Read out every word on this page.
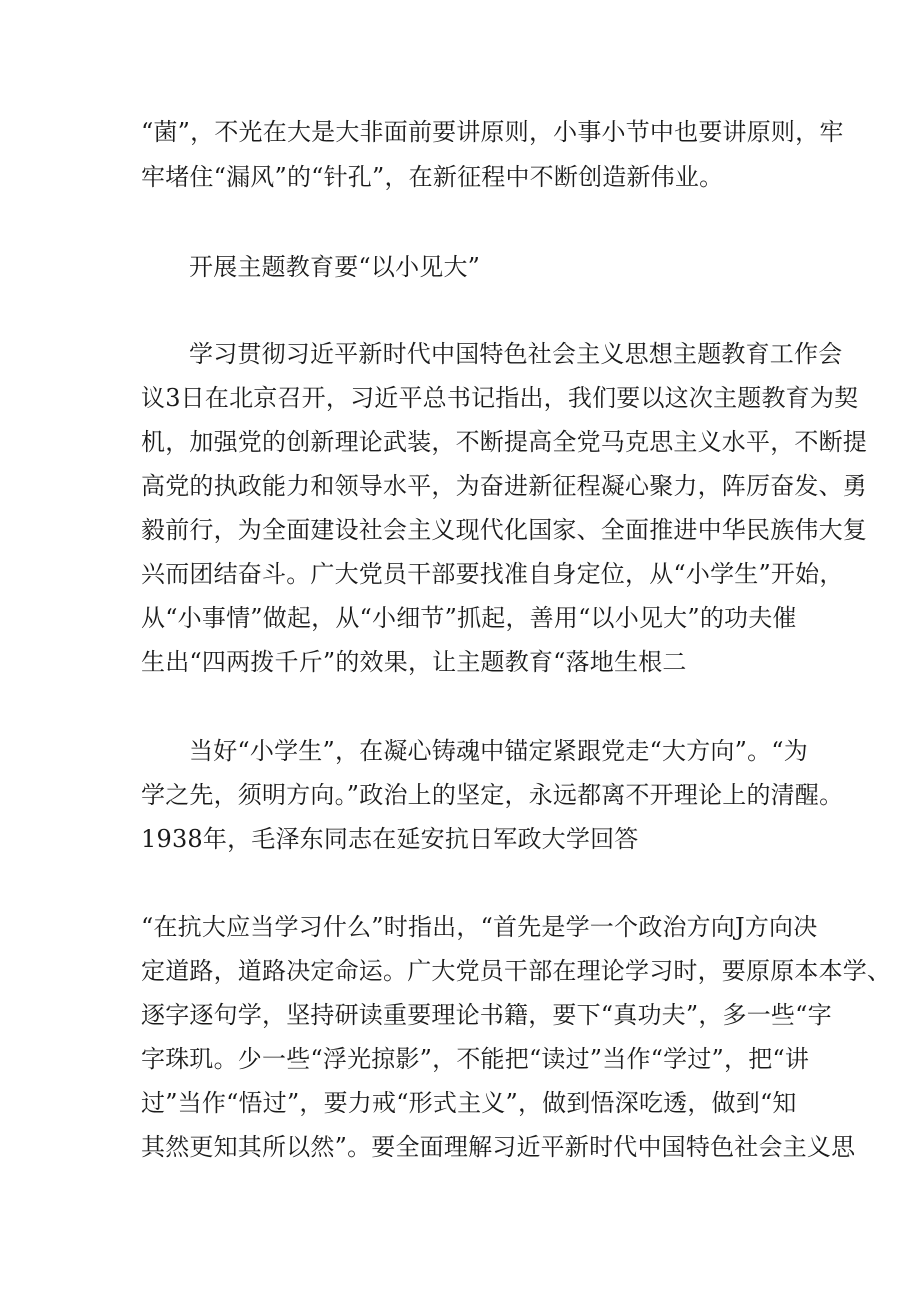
“菌”，不光在大是大非面前要讲原则，小事小节中也要讲原则，牢
牢堵住“漏风”的“针孔”，在新征程中不断创造新伟业。
开展主题教育要“以小见大”
学习贯彻习近平新时代中国特色社会主义思想主题教育工作会
议3日在北京召开，习近平总书记指出，我们要以这次主题教育为契
机，加强党的创新理论武装，不断提高全党马克思主义水平，不断提
高党的执政能力和领导水平，为奋进新征程凝心聚力，阵厉奋发、勇
毅前行，为全面建设社会主义现代化国家、全面推进中华民族伟大复
兴而团结奋斗。广大党员干部要找准自身定位，从“小学生”开始，
从“小事情”做起，从“小细节”抓起，善用“以小见大”的功夫催
生出“四两拨千斤”的效果，让主题教育“落地生根二
当好“小学生”，在凝心铸魂中锚定紧跟党走“大方向”。“为
学之先，须明方向。”政治上的坚定，永远都离不开理论上的清醒。
1938年，毛泽东同志在延安抗日军政大学回答
“在抗大应当学习什么”时指出，“首先是学一个政治方向J方向决
定道路，道路决定命运。广大党员干部在理论学习时，要原原本本学、
逐字逐句学，坚持研读重要理论书籍，要下“真功夫”，多一些“字
字珠玑。少一些“浮光掠影”，不能把“读过”当作“学过”，把“讲
过”当作“悟过”，要力戒“形式主义”，做到悟深吃透，做到“知
其然更知其所以然”。要全面理解习近平新时代中国特色社会主义思
